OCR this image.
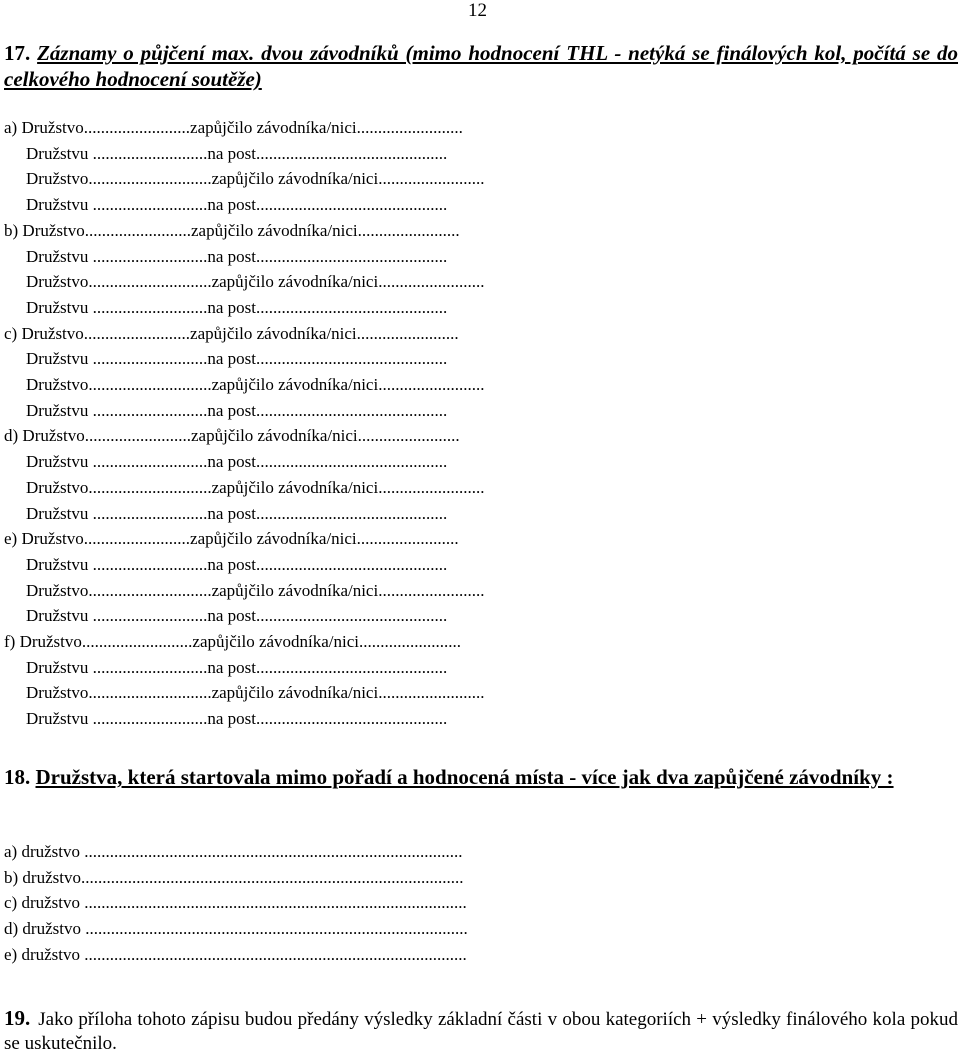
12
17. Záznamy o půjčení max. dvou závodníků (mimo hodnocení THL - netýká se finálových kol, počítá se do celkového hodnocení soutěže)
a) Družstvo.........................zapůjčilo závodníka/nici.........................
Družstvu ...........................na post.............................................
Družstvo.............................zapůjčilo závodníka/nici.........................
Družstvu ...........................na post.............................................
b) Družstvo.........................zapůjčilo závodníka/nici........................
Družstvu ...........................na post.............................................
Družstvo.............................zapůjčilo závodníka/nici.........................
Družstvu ...........................na post.............................................
c) Družstvo.........................zapůjčilo závodníka/nici........................
Družstvu ...........................na post.............................................
Družstvo.............................zapůjčilo závodníka/nici.........................
Družstvu ...........................na post.............................................
d) Družstvo.........................zapůjčilo závodníka/nici........................
Družstvu ...........................na post.............................................
Družstvo.............................zapůjčilo závodníka/nici.........................
Družstvu ...........................na post.............................................
e) Družstvo.........................zapůjčilo závodníka/nici........................
Družstvu ...........................na post.............................................
Družstvo.............................zapůjčilo závodníka/nici.........................
Družstvu ...........................na post.............................................
f) Družstvo..........................zapůjčilo závodníka/nici........................
Družstvu ...........................na post.............................................
Družstvo.............................zapůjčilo závodníka/nici.........................
Družstvu ...........................na post.............................................
18. Družstva, která startovala mimo pořadí a hodnocená místa - více jak dva zapůjčené závodníky :
a) družstvo .........................................................................................
b) družstvo..........................................................................................
c) družstvo ..........................................................................................
d) družstvo ..........................................................................................
e) družstvo ..........................................................................................

19. Jako příloha tohoto zápisu budou předány výsledky základní části v obou kategoriích + výsledky finálového kola pokud se uskutečnilo.
